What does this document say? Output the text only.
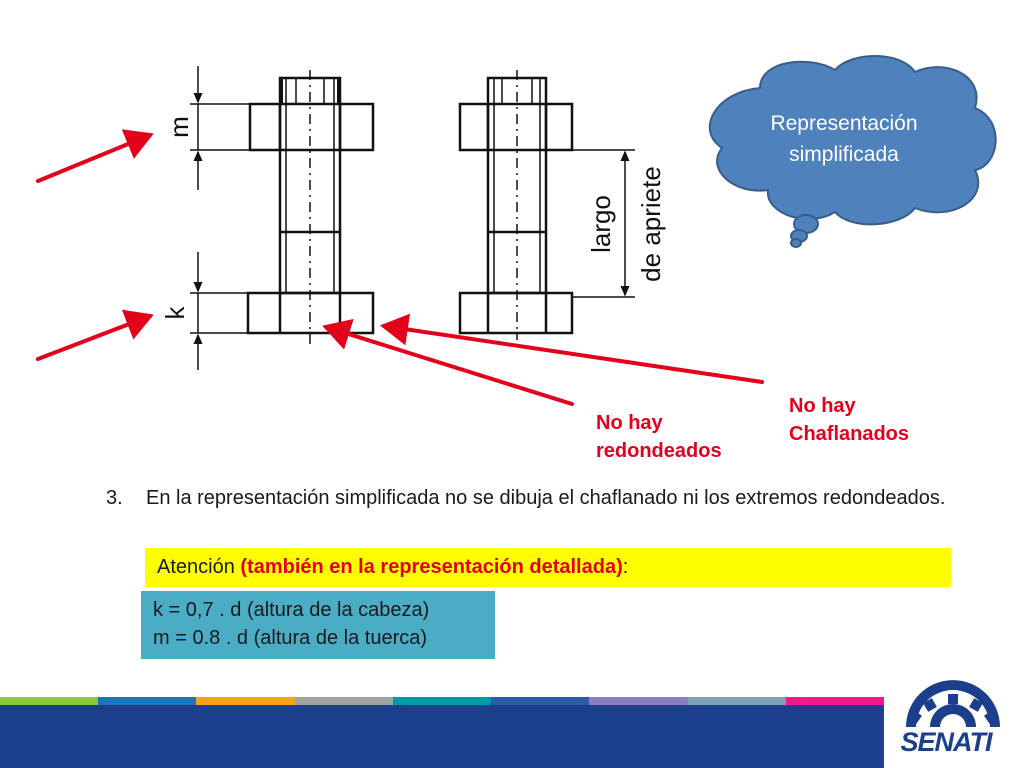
m
k
largo de apriete
Representación
simplificada
No hay
redondeados
No hay
Chaflanados
3. En la representación simplificada no se dibuja el chaflanado ni los extremos redondeados.
Atención (también en la representación detallada):
k = 0,7 . d (altura de la cabeza)
m = 0.8 . d (altura de la tuerca)
SENATI
